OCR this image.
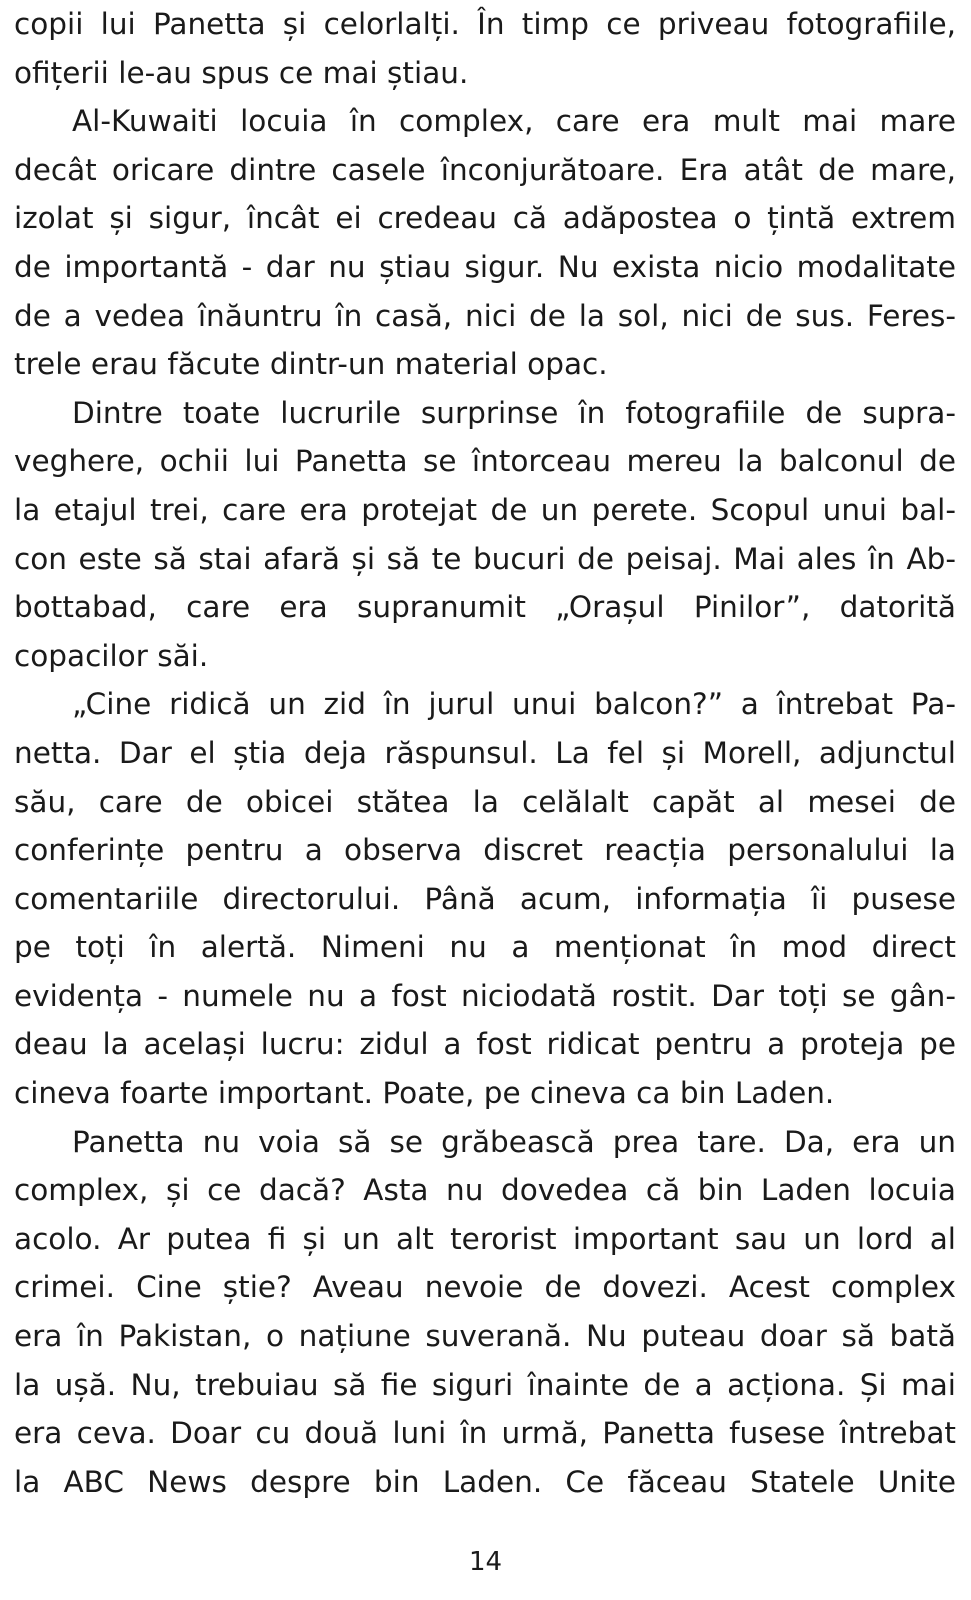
copii lui Panetta și celorlalți. În timp ce priveau fotografiile,
ofițerii le-au spus ce mai știau.
Al-Kuwaiti locuia în complex, care era mult mai mare
decât oricare dintre casele înconjurătoare. Era atât de mare,
izolat și sigur, încât ei credeau că adăpostea o țintă extrem
de importantă - dar nu știau sigur. Nu exista nicio modalitate
de a vedea înăuntru în casă, nici de la sol, nici de sus. Feres-
trele erau făcute dintr-un material opac.
Dintre toate lucrurile surprinse în fotografiile de supra-
veghere, ochii lui Panetta se întorceau mereu la balconul de
la etajul trei, care era protejat de un perete. Scopul unui bal-
con este să stai afară și să te bucuri de peisaj. Mai ales în Ab-
bottabad, care era supranumit „Orașul Pinilor”, datorită
copacilor săi.
„Cine ridică un zid în jurul unui balcon?” a întrebat Pa-
netta. Dar el știa deja răspunsul. La fel și Morell, adjunctul
său, care de obicei stătea la celălalt capăt al mesei de
conferințe pentru a observa discret reacția personalului la
comentariile directorului. Până acum, informația îi pusese
pe toți în alertă. Nimeni nu a menționat în mod direct
evidența - numele nu a fost niciodată rostit. Dar toți se gân-
deau la același lucru: zidul a fost ridicat pentru a proteja pe
cineva foarte important. Poate, pe cineva ca bin Laden.
Panetta nu voia să se grăbească prea tare. Da, era un
complex, și ce dacă? Asta nu dovedea că bin Laden locuia
acolo. Ar putea fi și un alt terorist important sau un lord al
crimei. Cine știe? Aveau nevoie de dovezi. Acest complex
era în Pakistan, o națiune suverană. Nu puteau doar să bată
la ușă. Nu, trebuiau să fie siguri înainte de a acționa. Și mai
era ceva. Doar cu două luni în urmă, Panetta fusese întrebat
la ABC News despre bin Laden. Ce făceau Statele Unite
14
